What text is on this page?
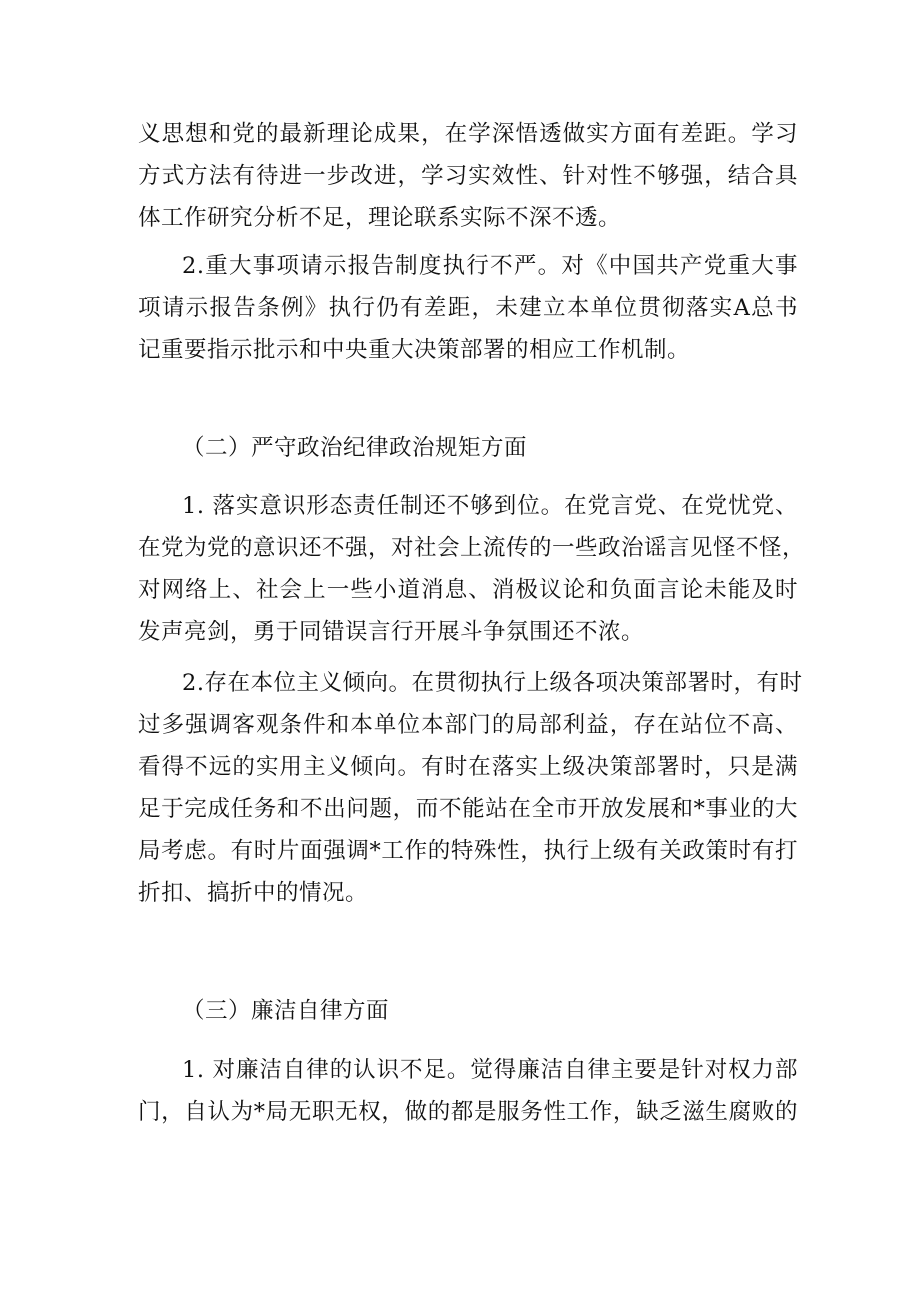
义思想和党的最新理论成果，在学深悟透做实方面有差距。学习
方式方法有待进一步改进，学习实效性、针对性不够强，结合具
体工作研究分析不足，理论联系实际不深不透。
2.重大事项请示报告制度执行不严。对《中国共产党重大事
项请示报告条例》执行仍有差距，未建立本单位贯彻落实A总书
记重要指示批示和中央重大决策部署的相应工作机制。
（二）严守政治纪律政治规矩方面
1. 落实意识形态责任制还不够到位。在党言党、在党忧党、
在党为党的意识还不强，对社会上流传的一些政治谣言见怪不怪，
对网络上、社会上一些小道消息、消极议论和负面言论未能及时
发声亮剑，勇于同错误言行开展斗争氛围还不浓。
2.存在本位主义倾向。在贯彻执行上级各项决策部署时，有时
过多强调客观条件和本单位本部门的局部利益，存在站位不高、
看得不远的实用主义倾向。有时在落实上级决策部署时，只是满
足于完成任务和不出问题，而不能站在全市开放发展和*事业的大
局考虑。有时片面强调*工作的特殊性，执行上级有关政策时有打
折扣、搞折中的情况。
（三）廉洁自律方面
1. 对廉洁自律的认识不足。觉得廉洁自律主要是针对权力部
门，自认为*局无职无权，做的都是服务性工作，缺乏滋生腐败的
